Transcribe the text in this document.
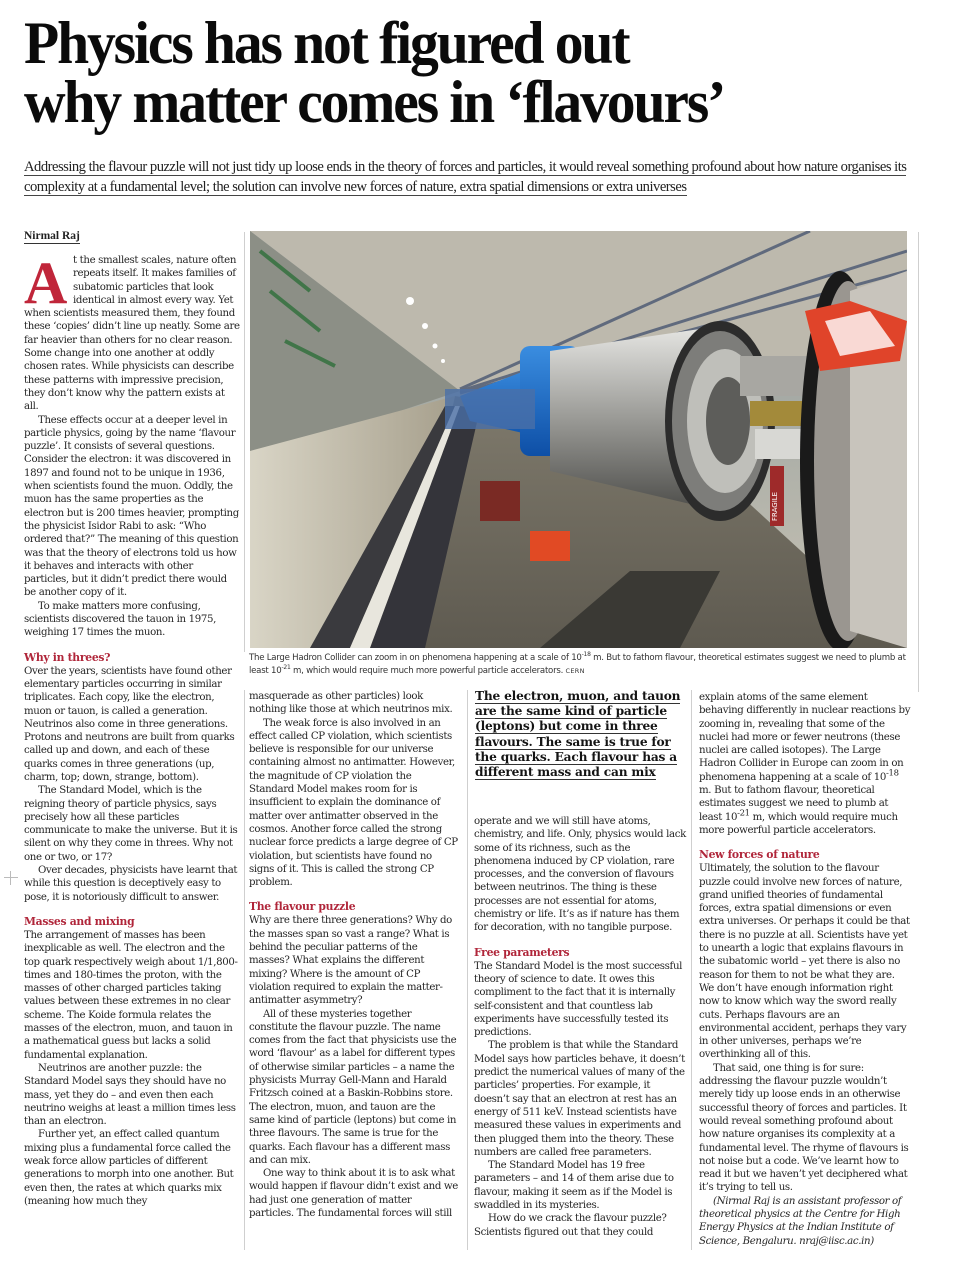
Physics has not figured out
why matter comes in ‘flavours’

Addressing the flavour puzzle will not just tidy up loose ends in the theory of forces and particles, it would reveal something profound about how nature organises its complexity at a fundamental level; the solution can involve new forces of nature, extra spatial dimensions or extra universes

Nirmal Raj
FRAGILE

The Large Hadron Collider can zoom in on phenomena happening at a scale of $10^{-18}$ m. But to fathom flavour, theoretical estimates suggest we need to plumb at least $10^{-21}$ m, which would require much more powerful particle accelerators. CERN

At the smallest scales, nature often repeats itself. It makes families of subatomic particles that look identical in almost every way. Yet when scientists measured them, they found these ‘copies’ didn’t line up neatly. Some are far heavier than others for no clear reason. Some change into one another at oddly chosen rates. While physicists can describe these patterns with impressive precision, they don’t know why the pattern exists at all.

These effects occur at a deeper level in particle physics, going by the name ‘flavour puzzle’. It consists of several questions. Consider the electron: it was discovered in 1897 and found not to be unique in 1936, when scientists found the muon. Oddly, the muon has the same properties as the electron but is 200 times heavier, prompting the physicist Isidor Rabi to ask: “Who ordered that?” The meaning of this question was that the theory of electrons told us how it behaves and interacts with other particles, but it didn’t predict there would be another copy of it.

To make matters more confusing, scientists discovered the tauon in 1975, weighing 17 times the muon.

Why in threes?

Over the years, scientists have found other elementary particles occurring in similar triplicates. Each copy, like the electron, muon or tauon, is called a generation. Neutrinos also come in three generations. Protons and neutrons are built from quarks called up and down, and each of these quarks comes in three generations (up, charm, top; down, strange, bottom).

The Standard Model, which is the reigning theory of particle physics, says precisely how all these particles communicate to make the universe. But it is silent on why they come in threes. Why not one or two, or 17?

Over decades, physicists have learnt that while this question is deceptively easy to pose, it is notoriously difficult to answer.

Masses and mixing

The arrangement of masses has been inexplicable as well. The electron and the top quark respectively weigh about 1/1,800-times and 180-times the proton, with the masses of other charged particles taking values between these extremes in no clear scheme. The Koide formula relates the masses of the electron, muon, and tauon in a mathematical guess but lacks a solid fundamental explanation.

Neutrinos are another puzzle: the Standard Model says they should have no mass, yet they do – and even then each neutrino weighs at least a million times less than an electron.

Further yet, an effect called quantum mixing plus a fundamental force called the weak force allow particles of different generations to morph into one another. But even then, the rates at which quarks mix (meaning how much they

masquerade as other particles) look nothing like those at which neutrinos mix.

The weak force is also involved in an effect called CP violation, which scientists believe is responsible for our universe containing almost no antimatter. However, the magnitude of CP violation the Standard Model makes room for is insufficient to explain the dominance of matter over antimatter observed in the cosmos. Another force called the strong nuclear force predicts a large degree of CP violation, but scientists have found no signs of it. This is called the strong CP problem.

The flavour puzzle

Why are there three generations? Why do the masses span so vast a range? What is behind the peculiar patterns of the masses? What explains the different mixing? Where is the amount of CP violation required to explain the matter-antimatter asymmetry?

All of these mysteries together constitute the flavour puzzle. The name comes from the fact that physicists use the word ‘flavour’ as a label for different types of otherwise similar particles – a name the physicists Murray Gell-Mann and Harald Fritzsch coined at a Baskin-Robbins store. The electron, muon, and tauon are the same kind of particle (leptons) but come in three flavours. The same is true for the quarks. Each flavour has a different mass and can mix.

One way to think about it is to ask what would happen if flavour didn’t exist and we had just one generation of matter particles. The fundamental forces will still

The electron, muon, and tauon are the same kind of particle (leptons) but come in three flavours. The same is true for the quarks. Each flavour has a different mass and can mix

operate and we will still have atoms, chemistry, and life. Only, physics would lack some of its richness, such as the phenomena induced by CP violation, rare processes, and the conversion of flavours between neutrinos. The thing is these processes are not essential for atoms, chemistry or life. It’s as if nature has them for decoration, with no tangible purpose.

Free parameters

The Standard Model is the most successful theory of science to date. It owes this compliment to the fact that it is internally self-consistent and that countless lab experiments have successfully tested its predictions.

The problem is that while the Standard Model says how particles behave, it doesn’t predict the numerical values of many of the particles’ properties. For example, it doesn’t say that an electron at rest has an energy of 511 keV. Instead scientists have measured these values in experiments and then plugged them into the theory. These numbers are called free parameters.

The Standard Model has 19 free parameters – and 14 of them arise due to flavour, making it seem as if the Model is swaddled in its mysteries.

How do we crack the flavour puzzle? Scientists figured out that they could

explain atoms of the same element behaving differently in nuclear reactions by zooming in, revealing that some of the nuclei had more or fewer neutrons (these nuclei are called isotopes). The Large Hadron Collider in Europe can zoom in on phenomena happening at a scale of $10^{-18}$ m. But to fathom flavour, theoretical estimates suggest we need to plumb at least $10^{-21}$ m, which would require much more powerful particle accelerators.

New forces of nature

Ultimately, the solution to the flavour puzzle could involve new forces of nature, grand unified theories of fundamental forces, extra spatial dimensions or even extra universes. Or perhaps it could be that there is no puzzle at all. Scientists have yet to unearth a logic that explains flavours in the subatomic world – yet there is also no reason for them to not be what they are. We don’t have enough information right now to know which way the sword really cuts. Perhaps flavours are an environmental accident, perhaps they vary in other universes, perhaps we’re overthinking all of this.

That said, one thing is for sure: addressing the flavour puzzle wouldn’t merely tidy up loose ends in an otherwise successful theory of forces and particles. It would reveal something profound about how nature organises its complexity at a fundamental level. The rhyme of flavours is not noise but a code. We’ve learnt how to read it but we haven’t yet deciphered what it’s trying to tell us.

(Nirmal Raj is an assistant professor of theoretical physics at the Centre for High Energy Physics at the Indian Institute of Science, Bengaluru. nraj@iisc.ac.in)
